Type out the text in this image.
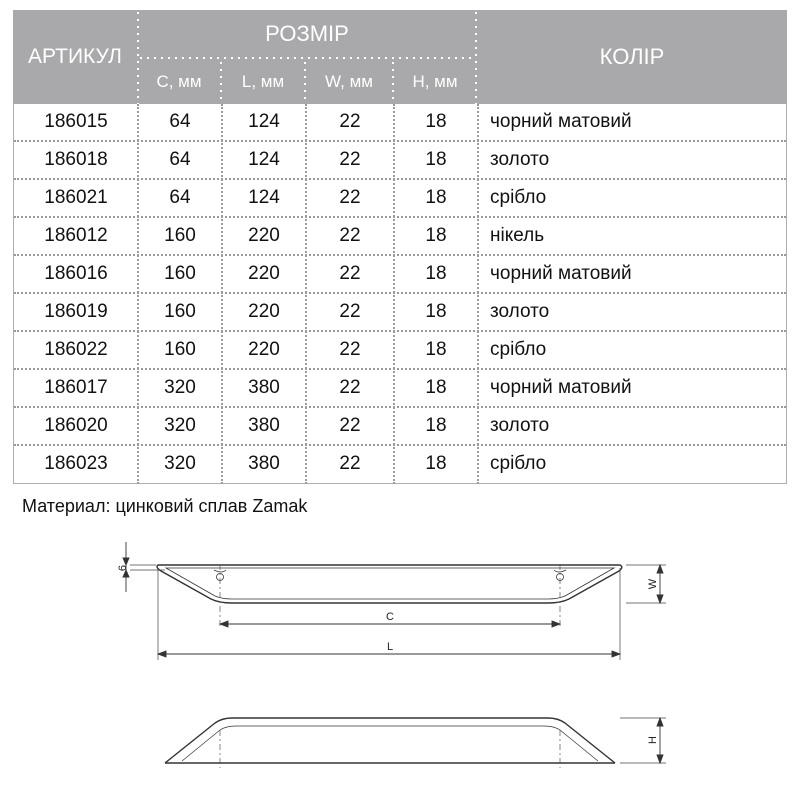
АРТИКУЛ
РОЗМІР
КОЛІР
C, мм	L, мм	W, мм	H, мм
186015	64	124	22	18	чорний матовий
186018	64	124	22	18	золото
186021	64	124	22	18	срібло
186012	160	220	22	18	нікель
186016	160	220	22	18	чорний матовий
186019	160	220	22	18	золото
186022	160	220	22	18	срібло
186017	320	380	22	18	чорний матовий
186020	320	380	22	18	золото
186023	320	380	22	18	срібло
Материал: цинковий сплав Zamak
6
C
L
W
H
